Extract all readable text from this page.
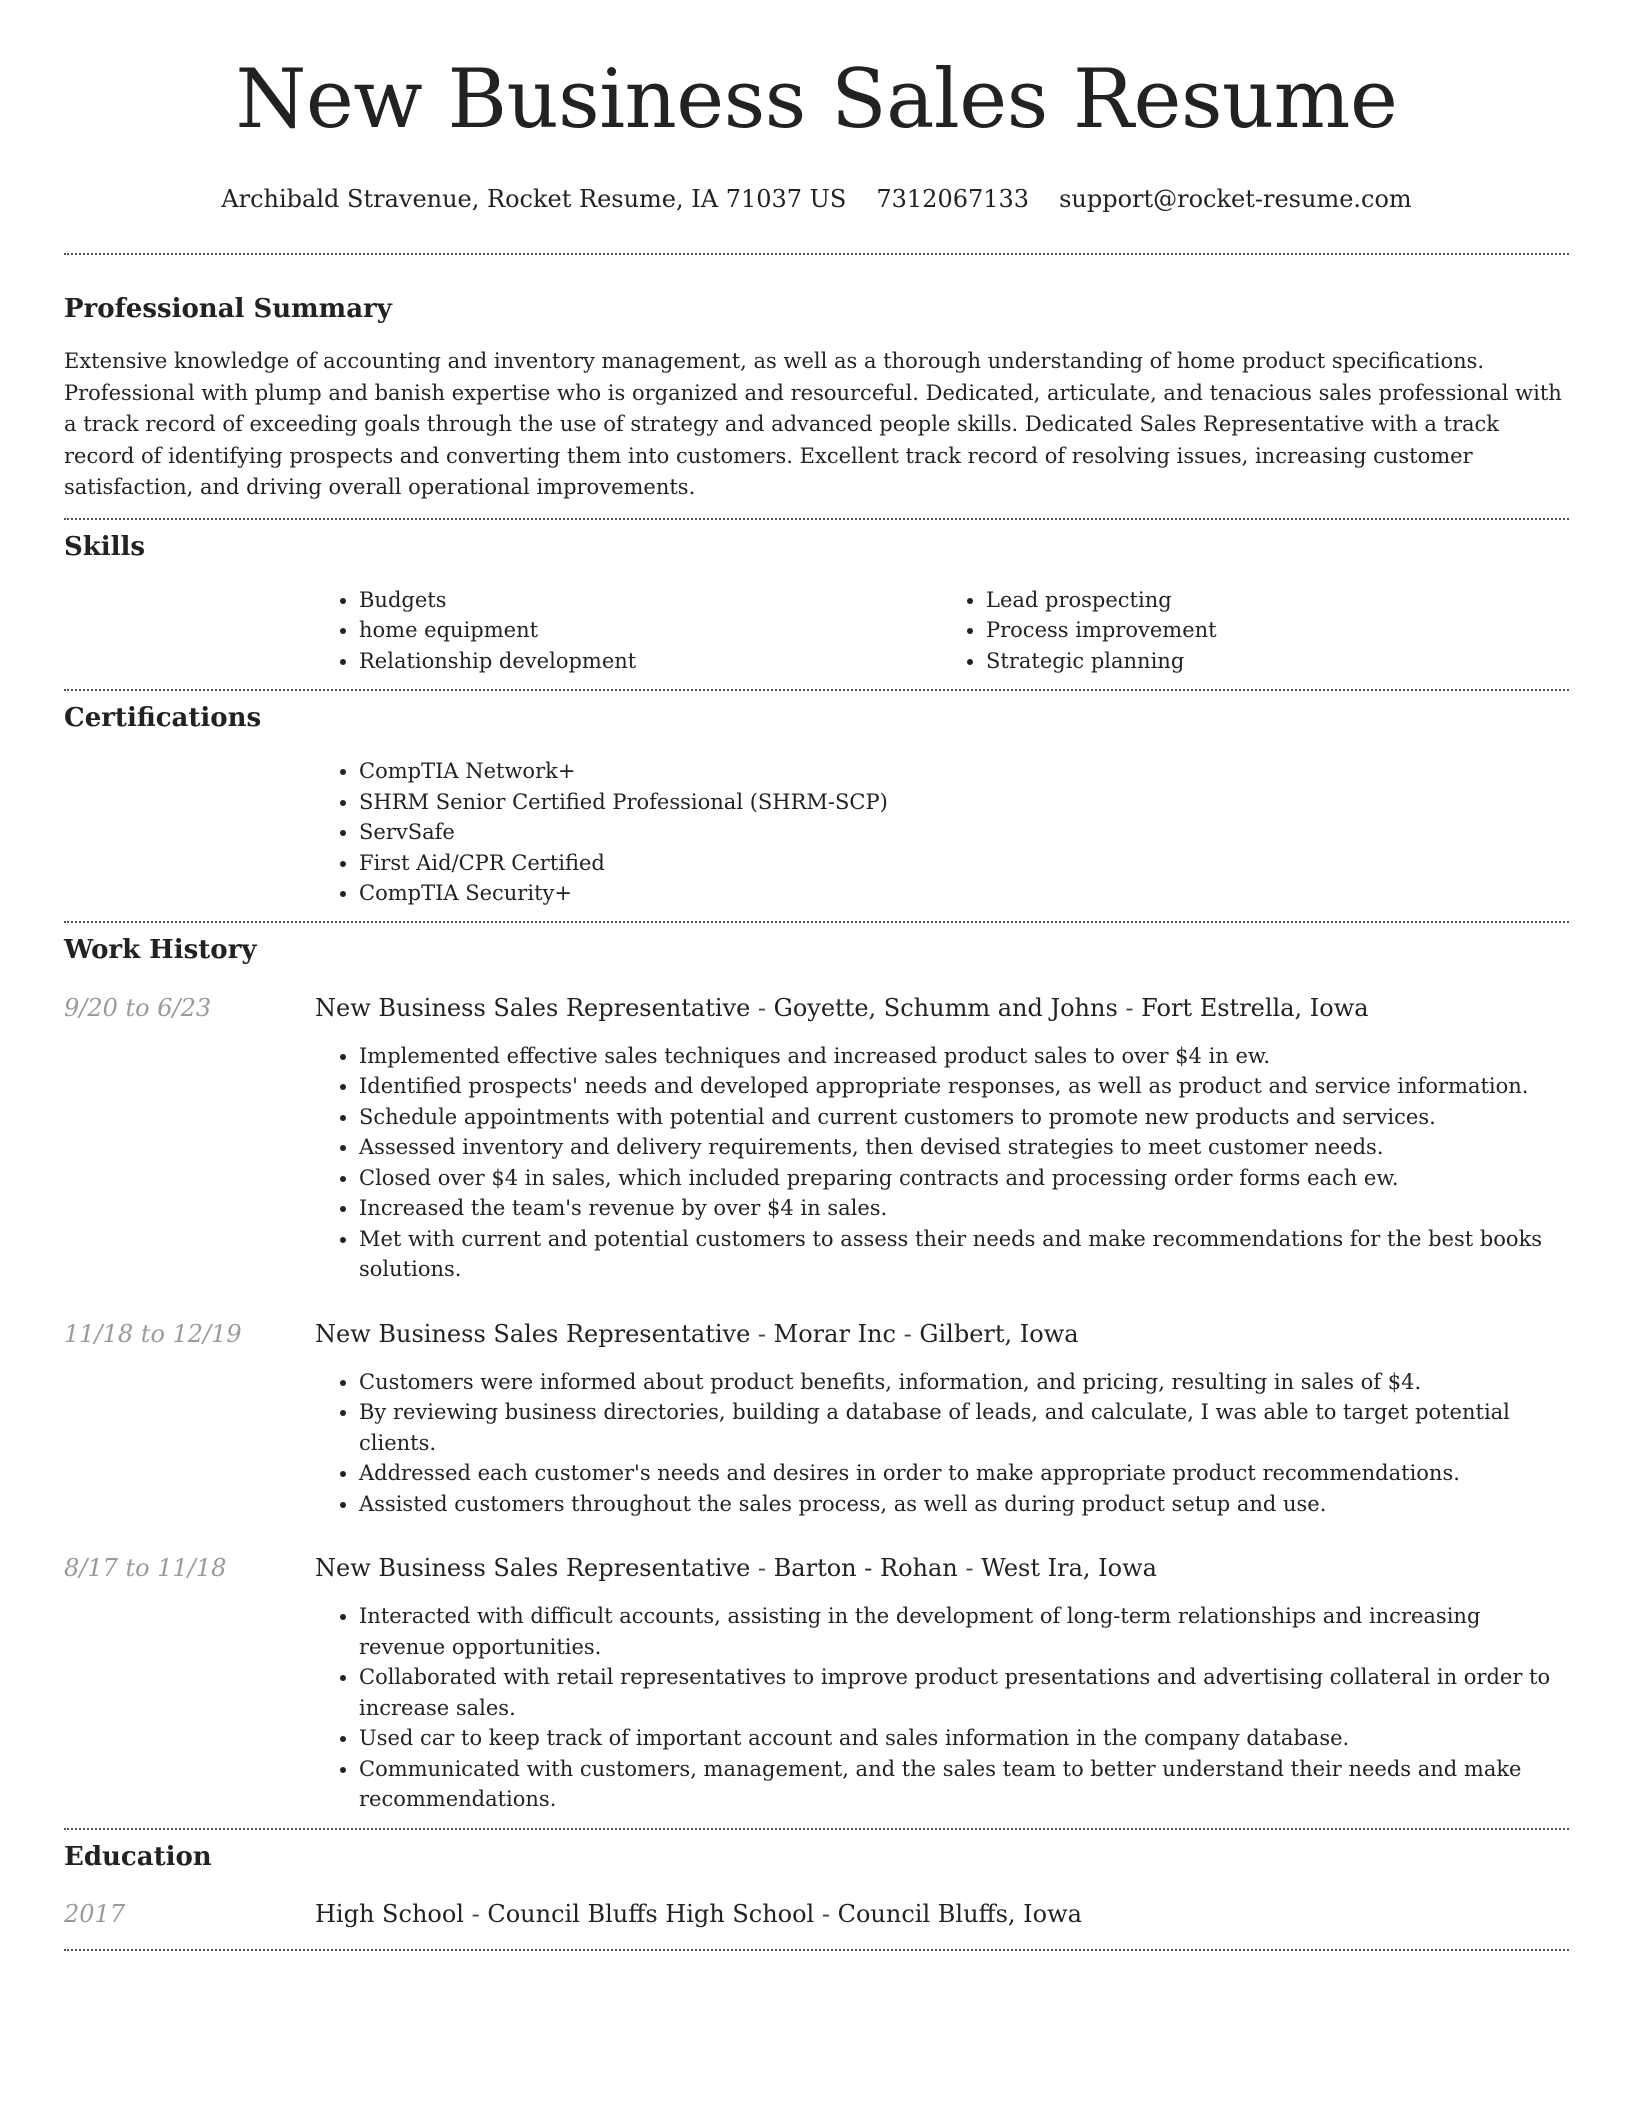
New Business Sales Resume
Archibald Stravenue, Rocket Resume, IA 71037 US 7312067133 support@rocket-resume.com
Professional Summary

Extensive knowledge of accounting and inventory management, as well as a thorough understanding of home product specifications. Professional with plump and banish expertise who is organized and resourceful. Dedicated, articulate, and tenacious sales professional with a track record of exceeding goals through the use of strategy and advanced people skills. Dedicated Sales Representative with a track record of identifying prospects and converting them into customers. Excellent track record of resolving issues, increasing customer satisfaction, and driving overall operational improvements.

Skills
• Budgets
• home equipment
• Relationship development
• Lead prospecting
• Process improvement
• Strategic planning
Certifications
• CompTIA Network+
• SHRM Senior Certified Professional (SHRM-SCP)
• ServSafe
• First Aid/CPR Certified
• CompTIA Security+
Work History
9/20 to 6/23	New Business Sales Representative - Goyette, Schumm and Johns - Fort Estrella, Iowa
• Implemented effective sales techniques and increased product sales to over $4 in ew.
• Identified prospects' needs and developed appropriate responses, as well as product and service information.
• Schedule appointments with potential and current customers to promote new products and services.
• Assessed inventory and delivery requirements, then devised strategies to meet customer needs.
• Closed over $4 in sales, which included preparing contracts and processing order forms each ew.
• Increased the team's revenue by over $4 in sales.
• Met with current and potential customers to assess their needs and make recommendations for the best books solutions.
11/18 to 12/19	New Business Sales Representative - Morar Inc - Gilbert, Iowa
• Customers were informed about product benefits, information, and pricing, resulting in sales of $4.
• By reviewing business directories, building a database of leads, and calculate, I was able to target potential clients.
• Addressed each customer's needs and desires in order to make appropriate product recommendations.
• Assisted customers throughout the sales process, as well as during product setup and use.
8/17 to 11/18	New Business Sales Representative - Barton - Rohan - West Ira, Iowa
• Interacted with difficult accounts, assisting in the development of long-term relationships and increasing revenue opportunities.
• Collaborated with retail representatives to improve product presentations and advertising collateral in order to increase sales.
• Used car to keep track of important account and sales information in the company database.
• Communicated with customers, management, and the sales team to better understand their needs and make recommendations.
Education
2017	High School - Council Bluffs High School - Council Bluffs, Iowa
